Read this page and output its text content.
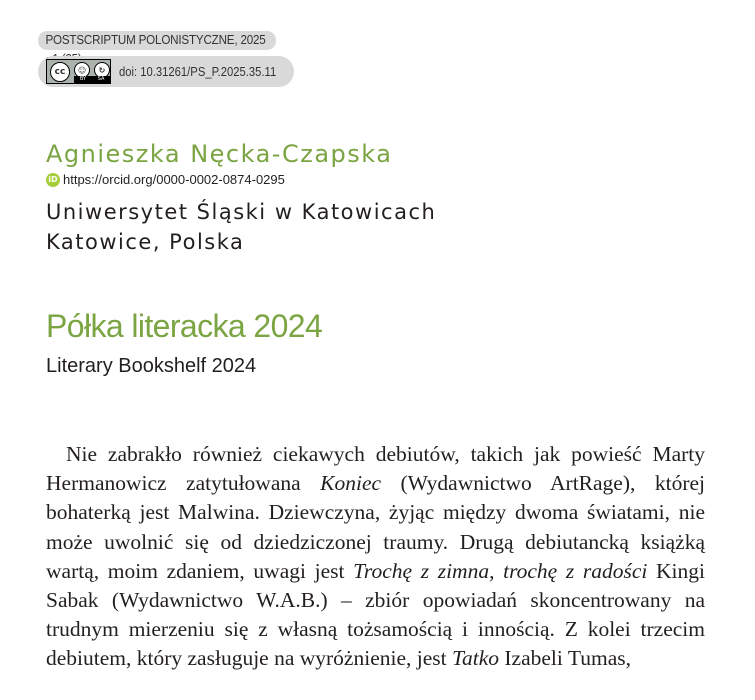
POSTSCRIPTUM POLONISTYCZNE, 2025
cc	☺	↻
BY SA
doi: 10.31261/PS_P.2025.35.11
Agnieszka Nęcka-Czapska
iD https://orcid.org/0000-0002-0874-0295

Uniwersytet Śląski w Katowicach

Katowice, Polska

Półka literacka 2024

Literary Bookshelf 2024

Nie zabrakło również ciekawych debiutów, takich jak powieść Marty Hermanowicz zatytułowana Koniec (Wydawnictwo ArtRage), której bohaterką jest Malwina. Dziewczyna, żyjąc między dwoma światami, nie może uwolnić się od dziedziczonej traumy. Drugą debiutancką książką wartą, moim zdaniem, uwagi jest Trochę z zimna, trochę z radości Kingi Sabak (Wydawnictwo W.A.B.) – zbiór opowiadań skoncentrowany na trudnym mierzeniu się z własną tożsamością i innością. Z kolei trzecim debiutem, który zasługuje na wyróżnienie, jest Tatko Izabeli Tumas,
